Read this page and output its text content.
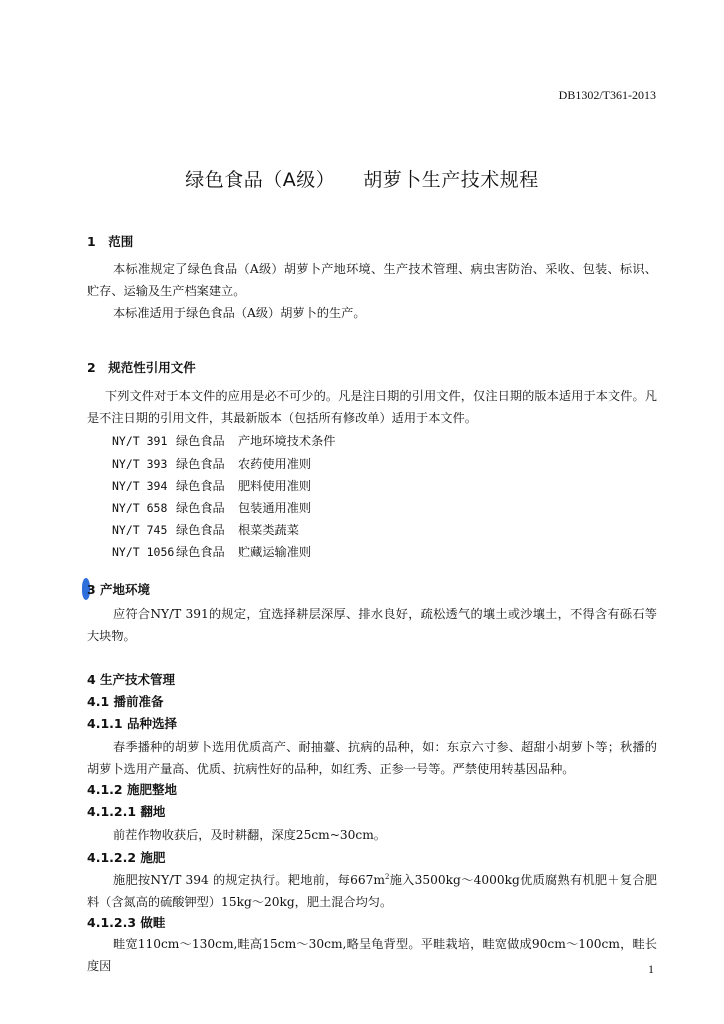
DB1302/T361-2013
绿色食品（A级） 胡萝卜生产技术规程
1　范围
本标准规定了绿色食品（A级）胡萝卜产地环境、生产技术管理、病虫害防治、采收、包装、标识、贮存、运输及生产档案建立。
本标准适用于绿色食品（A级）胡萝卜的生产。
2　规范性引用文件
下列文件对于本文件的应用是必不可少的。凡是注日期的引用文件，仅注日期的版本适用于本文件。凡是不注日期的引用文件，其最新版本（包括所有修改单）适用于本文件。
NY/T 391 绿色食品 产地环境技术条件
NY/T 393 绿色食品 农药使用准则
NY/T 394 绿色食品 肥料使用准则
NY/T 658 绿色食品 包装通用准则
NY/T 745 绿色食品 根菜类蔬菜
NY/T 1056 绿色食品 贮藏运输准则
3 产地环境
应符合NY/T 391的规定，宜选择耕层深厚、排水良好，疏松透气的壤土或沙壤土，不得含有砾石等大块物。
4 生产技术管理
4.1 播前准备
4.1.1 品种选择
春季播种的胡萝卜选用优质高产、耐抽薹、抗病的品种，如：东京六寸参、超甜小胡萝卜等；秋播的胡萝卜选用产量高、优质、抗病性好的品种，如红秀、正参一号等。严禁使用转基因品种。
4.1.2 施肥整地
4.1.2.1 翻地
前茬作物收获后，及时耕翻，深度25cm~30cm。
4.1.2.2 施肥
施肥按NY/T 394 的规定执行。耙地前，每$667m^2$施入3500kg～4000kg优质腐熟有机肥＋复合肥料（含氮高的硫酸钾型）15kg～20kg，肥土混合均匀。
4.1.2.3 做畦
畦宽110cm～130cm,畦高15cm～30cm,略呈龟背型。平畦栽培，畦宽做成90cm～100cm，畦长度因	1
